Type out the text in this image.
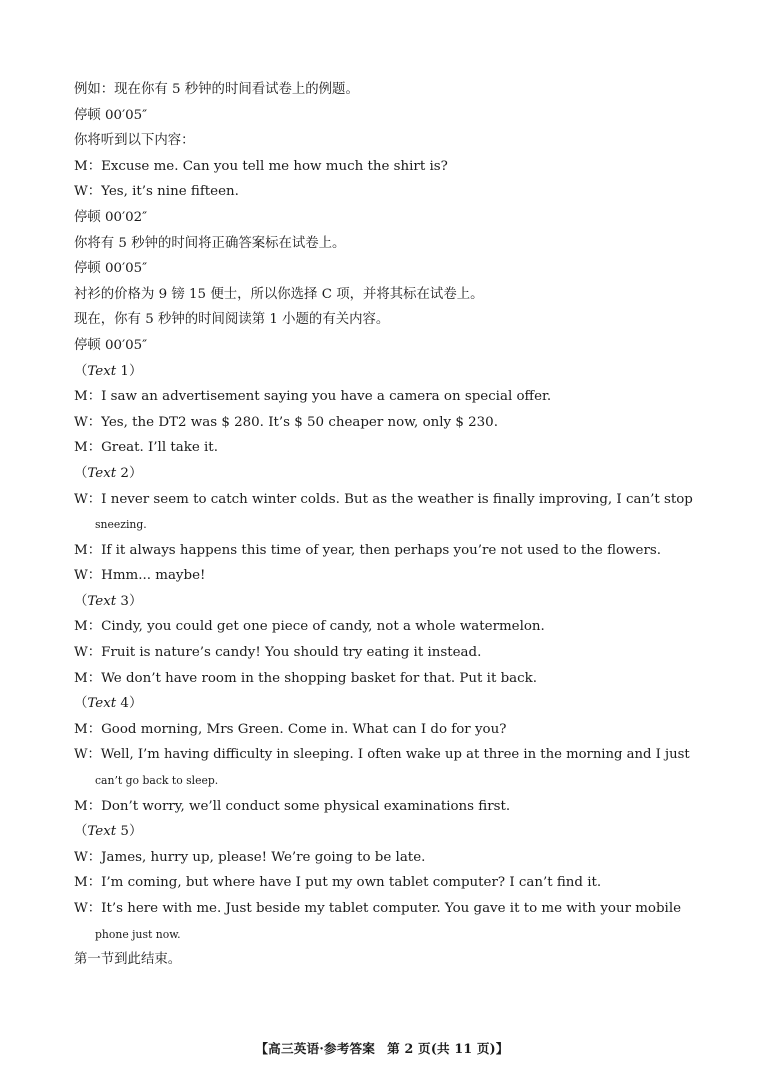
例如：现在你有 5 秒钟的时间看试卷上的例题。
停顿 00′05″
你将听到以下内容：
M：Excuse me. Can you tell me how much the shirt is?
W：Yes, it’s nine fifteen.
停顿 00′02″
你将有 5 秒钟的时间将正确答案标在试卷上。
停顿 00′05″
衬衫的价格为 9 镑 15 便士，所以你选择 C 项，并将其标在试卷上。
现在，你有 5 秒钟的时间阅读第 1 小题的有关内容。
停顿 00′05″
（Text 1）
M：I saw an advertisement saying you have a camera on special offer.
W：Yes, the DT2 was $ 280. It’s $ 50 cheaper now, only $ 230.
M：Great. I’ll take it.
（Text 2）
W：I never seem to catch winter colds. But as the weather is finally improving, I can’t stop
sneezing.
M：If it always happens this time of year, then perhaps you’re not used to the flowers.
W：Hmm... maybe!
（Text 3）
M：Cindy, you could get one piece of candy, not a whole watermelon.
W：Fruit is nature’s candy! You should try eating it instead.
M：We don’t have room in the shopping basket for that. Put it back.
（Text 4）
M：Good morning, Mrs Green. Come in. What can I do for you?
W：Well, I’m having difficulty in sleeping. I often wake up at three in the morning and I just
can’t go back to sleep.
M：Don’t worry, we’ll conduct some physical examinations first.
（Text 5）
W：James, hurry up, please! We’re going to be late.
M：I’m coming, but where have I put my own tablet computer? I can’t find it.
W：It’s here with me. Just beside my tablet computer. You gave it to me with your mobile
phone just now.
第一节到此结束。
【高三英语·参考答案 第 2 页(共 11 页)】
